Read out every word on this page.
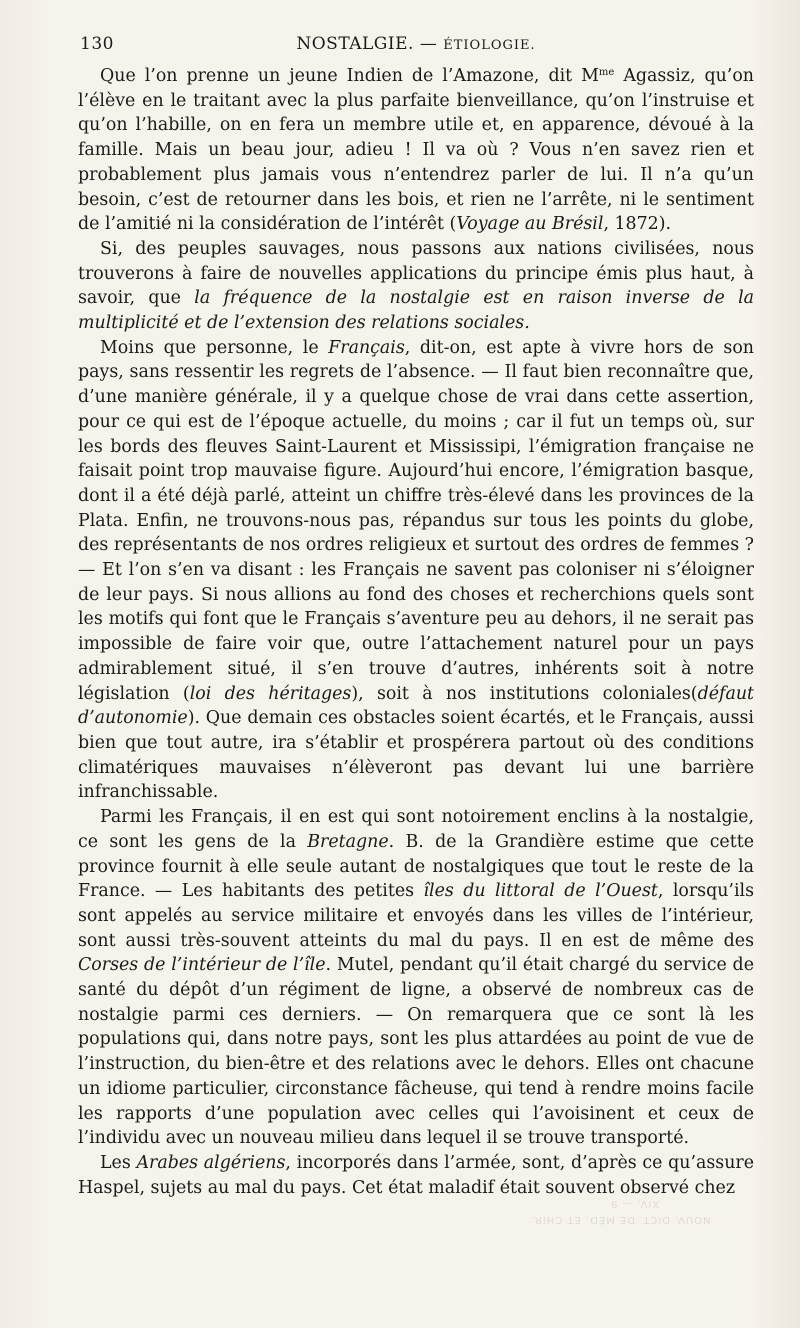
130	NOSTALGIE. — ÉTIOLOGIE.

Que l’on prenne un jeune Indien de l’Amazone, dit $M^{me}$ Agassiz, qu’on l’élève en le traitant avec la plus parfaite bienveillance, qu’on l’instruise et qu’on l’habille, on en fera un membre utile et, en apparence, dévoué à la famille. Mais un beau jour, adieu ! Il va où ? Vous n’en savez rien et probablement plus jamais vous n’entendrez parler de lui. Il n’a qu’un besoin, c’est de retourner dans les bois, et rien ne l’arrête, ni le sentiment de l’amitié ni la considération de l’intérêt (Voyage au Brésil, 1872).

Si, des peuples sauvages, nous passons aux nations civilisées, nous trouverons à faire de nouvelles applications du principe émis plus haut, à savoir, que la fréquence de la nostalgie est en raison inverse de la multiplicité et de l’extension des relations sociales.

Moins que personne, le Français, dit-on, est apte à vivre hors de son pays, sans ressentir les regrets de l’absence. — Il faut bien reconnaître que, d’une manière générale, il y a quelque chose de vrai dans cette assertion, pour ce qui est de l’époque actuelle, du moins ; car il fut un temps où, sur les bords des fleuves Saint-Laurent et Mississipi, l’émigration française ne faisait point trop mauvaise figure. Aujourd’hui encore, l’émigration basque, dont il a été déjà parlé, atteint un chiffre très-élevé dans les provinces de la Plata. Enfin, ne trouvons-nous pas, répandus sur tous les points du globe, des représentants de nos ordres religieux et surtout des ordres de femmes ? — Et l’on s’en va disant : les Français ne savent pas coloniser ni s’éloigner de leur pays. Si nous allions au fond des choses et recherchions quels sont les motifs qui font que le Français s’aventure peu au dehors, il ne serait pas impossible de faire voir que, outre l’attachement naturel pour un pays admirablement situé, il s’en trouve d’autres, inhérents soit à notre législation (loi des héritages), soit à nos institutions coloniales(défaut d’autonomie). Que demain ces obstacles soient écartés, et le Français, aussi bien que tout autre, ira s’établir et prospérera partout où des conditions climatériques mauvaises n’élèveront pas devant lui une barrière infranchissable.

Parmi les Français, il en est qui sont notoirement enclins à la nostalgie, ce sont les gens de la Bretagne. B. de la Grandière estime que cette province fournit à elle seule autant de nostalgiques que tout le reste de la France. — Les habitants des petites îles du littoral de l’Ouest, lorsqu’ils sont appelés au service militaire et envoyés dans les villes de l’intérieur, sont aussi très-souvent atteints du mal du pays. Il en est de même des Corses de l’intérieur de l’île. Mutel, pendant qu’il était chargé du service de santé du dépôt d’un régiment de ligne, a observé de nombreux cas de nostalgie parmi ces derniers. — On remarquera que ce sont là les populations qui, dans notre pays, sont les plus attardées au point de vue de l’instruction, du bien-être et des relations avec le dehors. Elles ont chacune un idiome particulier, circonstance fâcheuse, qui tend à rendre moins facile les rapports d’une population avec celles qui l’avoisinent et ceux de l’individu avec un nouveau milieu dans lequel il se trouve transporté.

Les Arabes algériens, incorporés dans l’armée, sont, d’après ce qu’assure Haspel, sujets au mal du pays. Cet état maladif était souvent observé chez

NOUV. DICT. DE MÉD. ET CHIR.
XIV. — 9
